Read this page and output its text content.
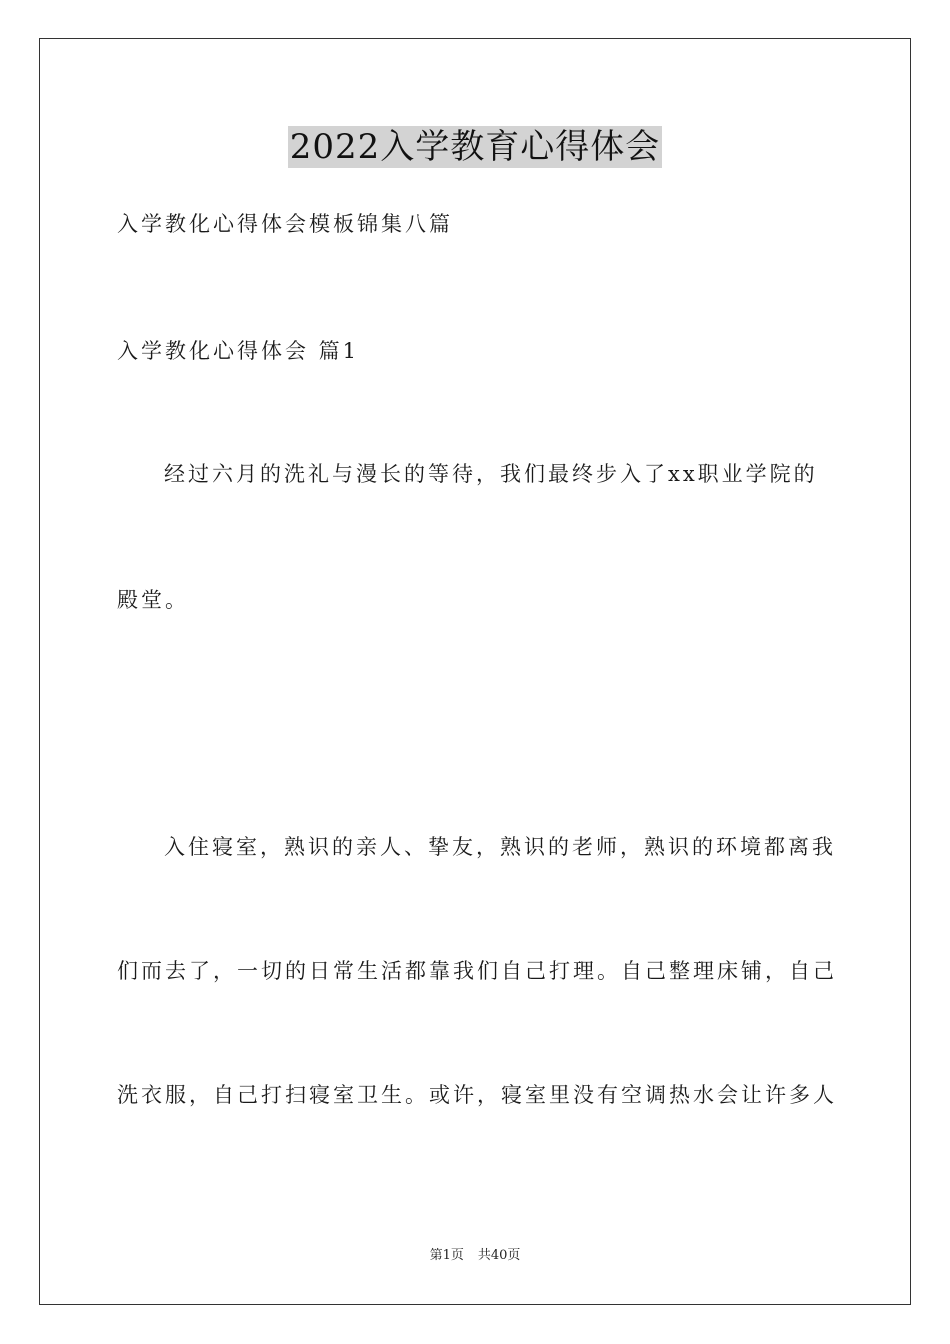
2022入学教育心得体会
入学教化心得体会模板锦集八篇
入学教化心得体会 篇1
经过六月的洗礼与漫长的等待，我们最终步入了xx职业学院的
殿堂。
入住寝室，熟识的亲人、挚友，熟识的老师，熟识的环境都离我
们而去了，一切的日常生活都靠我们自己打理。自己整理床铺，自己
洗衣服，自己打扫寝室卫生。或许，寝室里没有空调热水会让许多人
第1页 共40页
